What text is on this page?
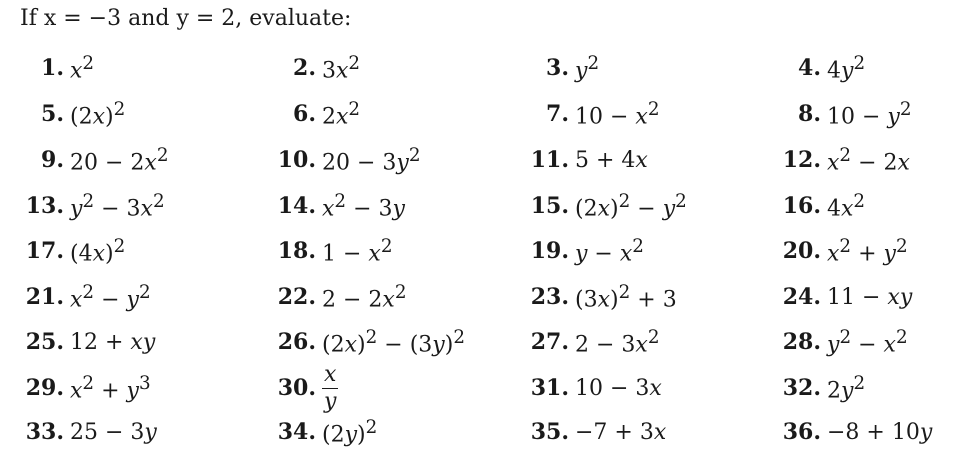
If x = −3 and y = 2, evaluate:
1. $x^2$	2. $3x^2$	3. $y^2$	4. $4y^2$
5. $(2x)^2$	6. $2x^2$	7. $10 - x^2$	8. $10 - y^2$
9. $20 - 2x^2$	10. $20 - 3y^2$	11. 5 + 4x	12. $x^2 - 2x$
13. $y^2 - 3x^2$	14. $x^2 - 3y$	15. $(2x)^2 - y^2$	16. $4x^2$
17. $(4x)^2$	18. $1 - x^2$	19. $y - x^2$	20. $x^2 + y^2$
21. $x^2 - y^2$	22. $2 - 2x^2$	23. $(3x)^2 + 3$	24. 11 − xy
25. 12 + xy	26. $(2x)^2 - (3y)^2$	27. $2 - 3x^2$	28. $y^2 - x^2$
29. $x^2 + y^3$	30. $\frac{x}{y}$	31. 10 − 3x	32. $2y^2$
33. 25 − 3y	34. $(2y)^2$	35. −7 + 3x	36. −8 + 10y
